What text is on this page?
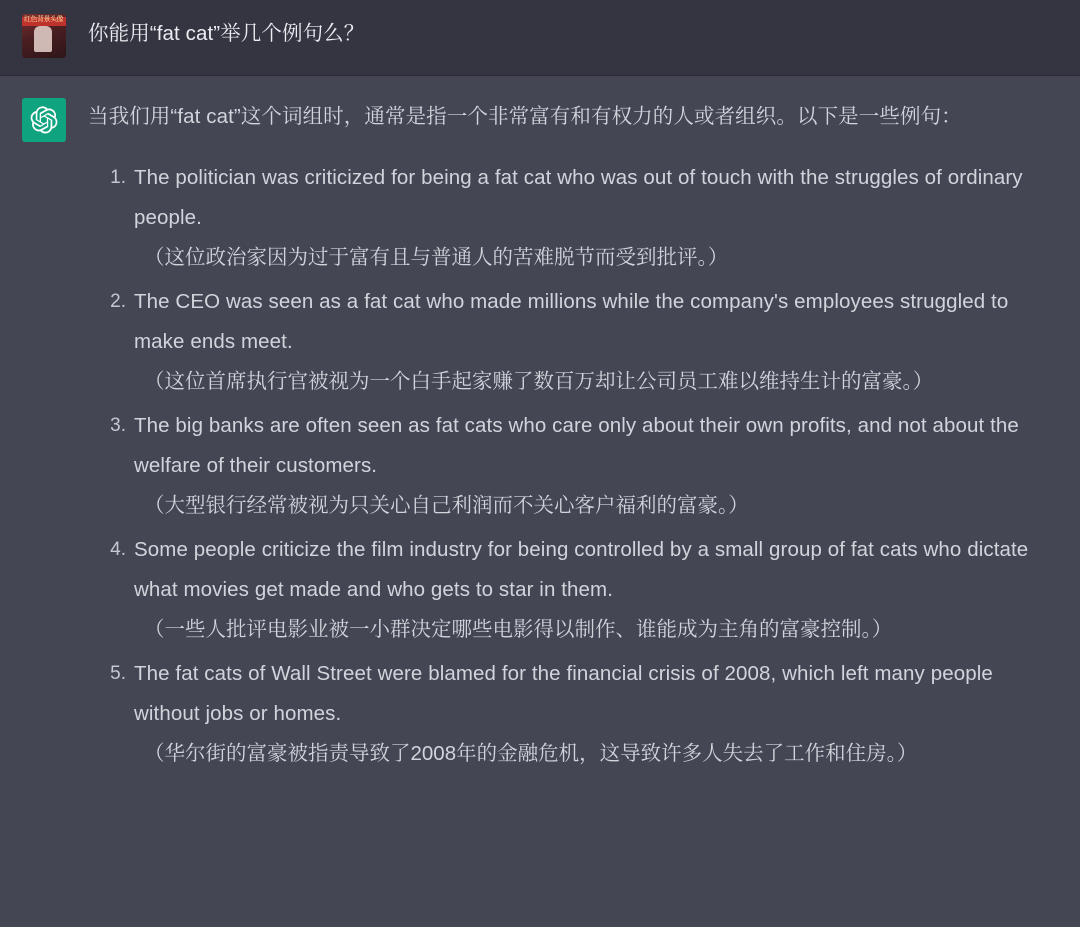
红色背景头像
你能用“fat cat”举几个例句么？
当我们用“fat cat”这个词组时，通常是指一个非常富有和有权力的人或者组织。以下是一些例句：
The politician was criticized for being a fat cat who was out of touch with the struggles of ordinary people.
（这位政治家因为过于富有且与普通人的苦难脱节而受到批评。）
The CEO was seen as a fat cat who made millions while the company's employees struggled to make ends meet.
（这位首席执行官被视为一个白手起家赚了数百万却让公司员工难以维持生计的富豪。）
The big banks are often seen as fat cats who care only about their own profits, and not about the welfare of their customers.
（大型银行经常被视为只关心自己利润而不关心客户福利的富豪。）
Some people criticize the film industry for being controlled by a small group of fat cats who dictate what movies get made and who gets to star in them.
（一些人批评电影业被一小群决定哪些电影得以制作、谁能成为主角的富豪控制。）
The fat cats of Wall Street were blamed for the financial crisis of 2008, which left many people without jobs or homes.
（华尔街的富豪被指责导致了2008年的金融危机，这导致许多人失去了工作和住房。）
